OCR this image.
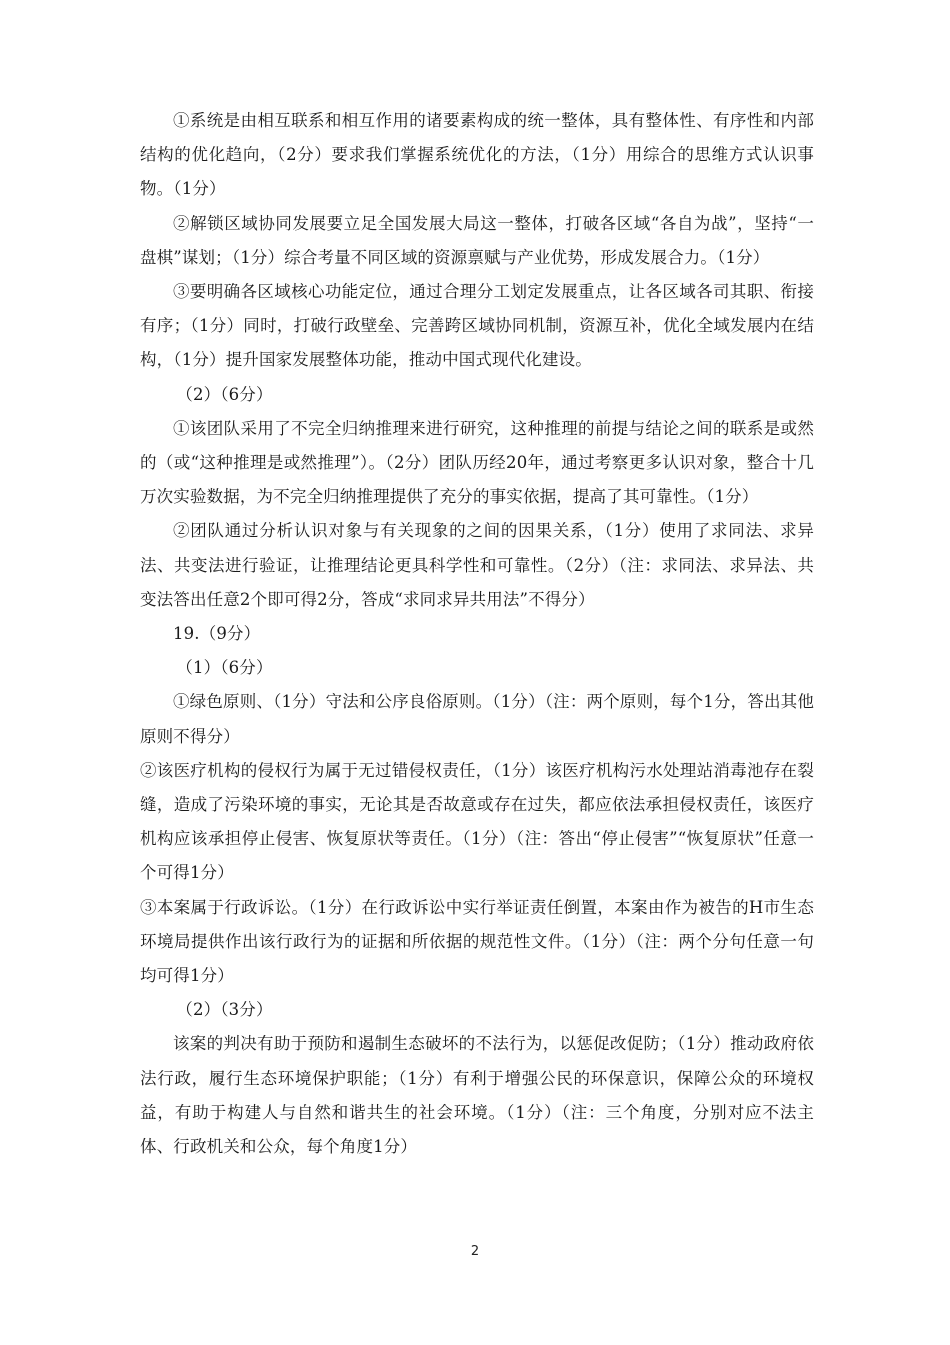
①系统是由相互联系和相互作用的诸要素构成的统一整体，具有整体性、有序性和内部结构的优化趋向，（2分）要求我们掌握系统优化的方法，（1分）用综合的思维方式认识事物。（1分）

②解锁区域协同发展要立足全国发展大局这一整体，打破各区域“各自为战”，坚持“一盘棋”谋划；（1分）综合考量不同区域的资源禀赋与产业优势，形成发展合力。（1分）

③要明确各区域核心功能定位，通过合理分工划定发展重点，让各区域各司其职、衔接有序；（1分）同时，打破行政壁垒、完善跨区域协同机制，资源互补，优化全域发展内在结构，（1分）提升国家发展整体功能，推动中国式现代化建设。

（2）（6分）

①该团队采用了不完全归纳推理来进行研究，这种推理的前提与结论之间的联系是或然的（或“这种推理是或然推理”）。（2分）团队历经20年，通过考察更多认识对象，整合十几万次实验数据，为不完全归纳推理提供了充分的事实依据，提高了其可靠性。（1分）

②团队通过分析认识对象与有关现象的之间的因果关系，（1分）使用了求同法、求异法、共变法进行验证，让推理结论更具科学性和可靠性。（2分）（注：求同法、求异法、共变法答出任意2个即可得2分，答成“求同求异共用法”不得分）

19.（9分）

（1）（6分）

①绿色原则、（1分）守法和公序良俗原则。（1分）（注：两个原则，每个1分，答出其他原则不得分）

②该医疗机构的侵权行为属于无过错侵权责任，（1分）该医疗机构污水处理站消毒池存在裂缝，造成了污染环境的事实，无论其是否故意或存在过失，都应依法承担侵权责任，该医疗机构应该承担停止侵害、恢复原状等责任。（1分）（注：答出“停止侵害”“恢复原状”任意一个可得1分）

③本案属于行政诉讼。（1分）在行政诉讼中实行举证责任倒置，本案由作为被告的H市生态环境局提供作出该行政行为的证据和所依据的规范性文件。（1分）（注：两个分句任意一句均可得1分）

（2）（3分）

该案的判决有助于预防和遏制生态破坏的不法行为，以惩促改促防；（1分）推动政府依法行政，履行生态环境保护职能；（1分）有利于增强公民的环保意识，保障公众的环境权益，有助于构建人与自然和谐共生的社会环境。（1分）（注：三个角度，分别对应不法主体、行政机关和公众，每个角度1分）

2
